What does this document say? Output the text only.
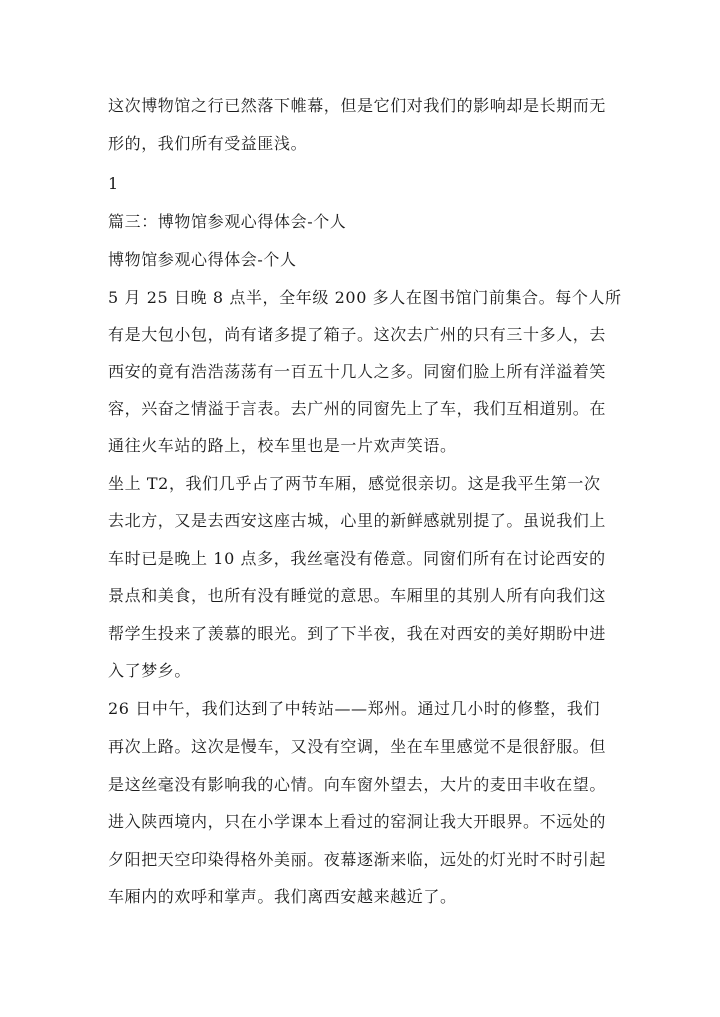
这次博物馆之行已然落下帷幕，但是它们对我们的影响却是长期而无
形的，我们所有受益匪浅。
1
篇三：博物馆参观心得体会-个人
博物馆参观心得体会-个人
5 月 25 日晚 8 点半，全年级 200 多人在图书馆门前集合。每个人所
有是大包小包，尚有诸多提了箱子。这次去广州的只有三十多人，去
西安的竟有浩浩荡荡有一百五十几人之多。同窗们脸上所有洋溢着笑
容，兴奋之情溢于言表。去广州的同窗先上了车，我们互相道别。在
通往火车站的路上，校车里也是一片欢声笑语。
坐上 T2，我们几乎占了两节车厢，感觉很亲切。这是我平生第一次
去北方，又是去西安这座古城，心里的新鲜感就别提了。虽说我们上
车时已是晚上 10 点多，我丝毫没有倦意。同窗们所有在讨论西安的
景点和美食，也所有没有睡觉的意思。车厢里的其别人所有向我们这
帮学生投来了羡慕的眼光。到了下半夜，我在对西安的美好期盼中进
入了梦乡。
26 日中午，我们达到了中转站——郑州。通过几小时的修整，我们
再次上路。这次是慢车，又没有空调，坐在车里感觉不是很舒服。但
是这丝毫没有影响我的心情。向车窗外望去，大片的麦田丰收在望。
进入陕西境内，只在小学课本上看过的窑洞让我大开眼界。不远处的
夕阳把天空印染得格外美丽。夜幕逐渐来临，远处的灯光时不时引起
车厢内的欢呼和掌声。我们离西安越来越近了。
